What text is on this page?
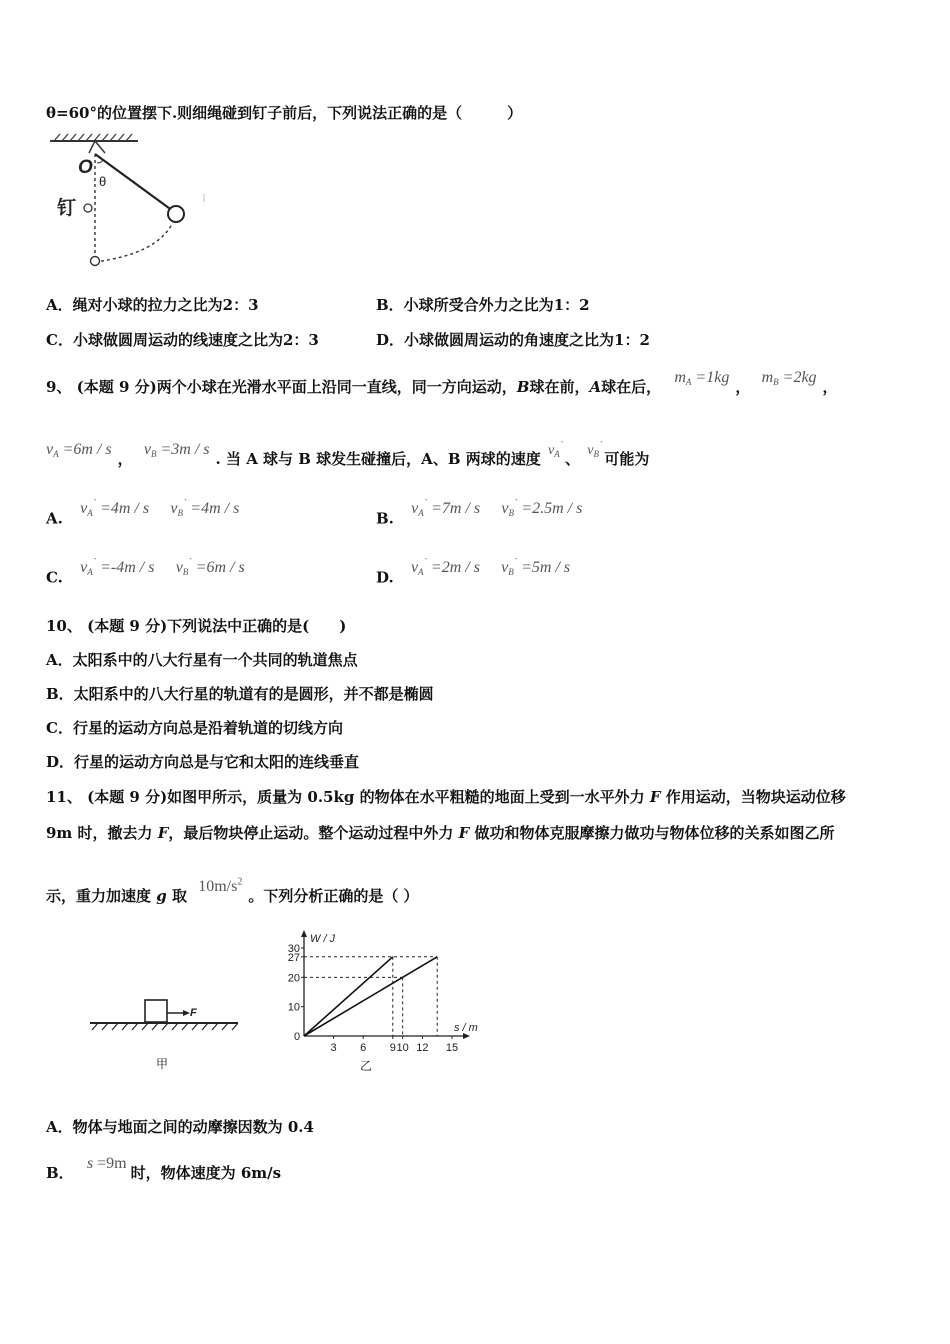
θ=60°的位置摆下.则细绳碰到钉子前后，下列说法正确的是（　　　）
O
θ
钉
A．绳对小球的拉力之比为2：3	B．小球所受合外力之比为1：2
C．小球做圆周运动的线速度之比为2：3	D．小球做圆周运动的角速度之比为1：2
9、 (本题 9 分)两个小球在光滑水平面上沿同一直线，同一方向运动，B球在前，A球在后， $m_A =1kg$， $m_B =2kg$，
$v_A =6m / s$， $v_B =3m / s$. 当 A 球与 B 球发生碰撞后，A、B 两球的速度 $v_A^`$、 $v_B^`$可能为
A. $v_A^` =4m / s$ $v_B^` =4m / s$
B. $v_A^` =7m / s$ $v_B^` =2.5m / s$
C. $v_A^` =-4m / s$ $v_B^` =6m / s$
D. $v_A^` =2m / s$ $v_B^` =5m / s$
10、 (本题 9 分)下列说法中正确的是(　　)
A．太阳系中的八大行星有一个共同的轨道焦点
B．太阳系中的八大行星的轨道有的是圆形，并不都是椭圆
C．行星的运动方向总是沿着轨道的切线方向
D．行星的运动方向总是与它和太阳的连线垂直
11、 (本题 9 分)如图甲所示，质量为 0.5kg 的物体在水平粗糙的地面上受到一水平外力 F 作用运动，当物块运动位移
9m 时，撤去力 F，最后物块停止运动。整个运动过程中外力 F 做功和物体克服摩擦力做功与物体位移的关系如图乙所
示，重力加速度 g 取 $10m/s^2$。下列分析正确的是（ ）
F
甲
W / J
s / m
0
10
20
27
30
3 6 9 10 12 15
乙
A．物体与地面之间的动摩擦因数为 0.4
B． s =9m时，物体速度为 6m/s
